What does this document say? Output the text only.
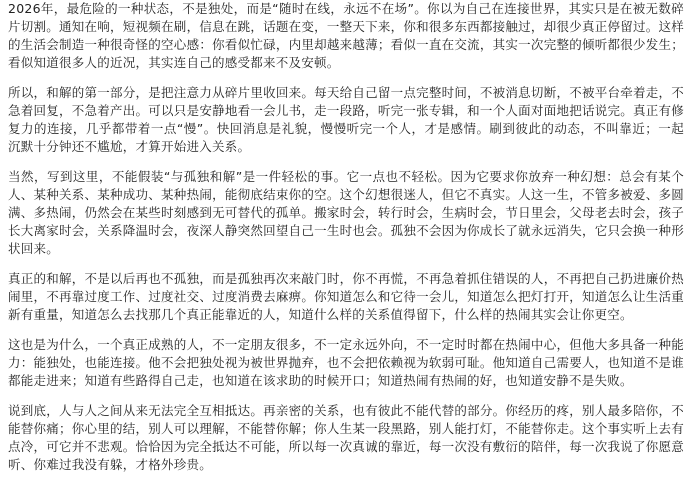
2026年，最危险的一种状态，不是独处，而是“随时在线，永远不在场”。你以为自己在连接世界，其实只是在被无数碎片切割。通知在响，短视频在刷，信息在跳，话题在变，一整天下来，你和很多东西都接触过，却很少真正停留过。这样的生活会制造一种很奇怪的空心感：你看似忙碌，内里却越来越薄；看似一直在交流，其实一次完整的倾听都很少发生；看似知道很多人的近况，其实连自己的感受都来不及安顿。

所以，和解的第一部分，是把注意力从碎片里收回来。每天给自己留一点完整时间，不被消息切断，不被平台牵着走，不急着回复，不急着产出。可以只是安静地看一会儿书，走一段路，听完一张专辑，和一个人面对面地把话说完。真正有修复力的连接，几乎都带着一点“慢”。快回消息是礼貌，慢慢听完一个人，才是感情。刷到彼此的动态，不叫靠近；一起沉默十分钟还不尴尬，才算开始进入关系。

当然，写到这里，不能假装“与孤独和解”是一件轻松的事。它一点也不轻松。因为它要求你放弃一种幻想：总会有某个人、某种关系、某种成功、某种热闹，能彻底结束你的空。这个幻想很迷人，但它不真实。人这一生，不管多被爱、多圆满、多热闹，仍然会在某些时刻感到无可替代的孤单。搬家时会，转行时会，生病时会，节日里会，父母老去时会，孩子长大离家时会，关系降温时会，夜深人静突然回望自己一生时也会。孤独不会因为你成长了就永远消失，它只会换一种形状回来。

真正的和解，不是以后再也不孤独，而是孤独再次来敲门时，你不再慌，不再急着抓住错误的人，不再把自己扔进廉价热闹里，不再靠过度工作、过度社交、过度消费去麻痹。你知道怎么和它待一会儿，知道怎么把灯打开，知道怎么让生活重新有重量，知道怎么去找那几个真正能靠近的人，知道什么样的关系值得留下，什么样的热闹其实会让你更空。

这也是为什么，一个真正成熟的人，不一定朋友很多，不一定永远外向，不一定时时都在热闹中心，但他大多具备一种能力：能独处，也能连接。他不会把独处视为被世界抛弃，也不会把依赖视为软弱可耻。他知道自己需要人，也知道不是谁都能走进来；知道有些路得自己走，也知道在该求助的时候开口；知道热闹有热闹的好，也知道安静不是失败。

说到底，人与人之间从来无法完全互相抵达。再亲密的关系，也有彼此不能代替的部分。你经历的疼，别人最多陪你，不能替你痛；你心里的结，别人可以理解，不能替你解；你人生某一段黑路，别人能打灯，不能替你走。这个事实听上去有点冷，可它并不悲观。恰恰因为完全抵达不可能，所以每一次真诚的靠近，每一次没有敷衍的陪伴，每一次我说了你愿意听、你难过我没有躲，才格外珍贵。
